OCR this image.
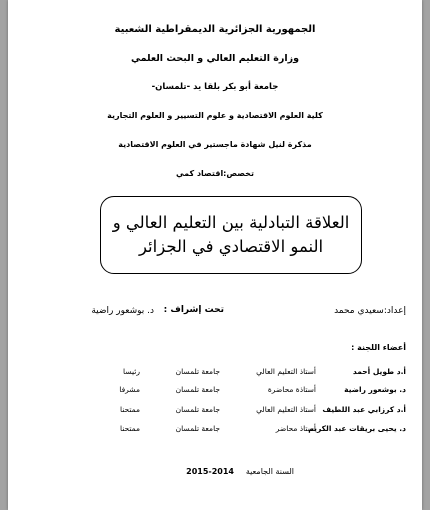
الجمهورية الجزائرية الديمقراطية الشعبية
وزارة التعليم العالي و البحث العلمي
جامعة أبو بكر بلقا يد -تلمسان-
كلية العلوم الاقتصادية و علوم التسيير و العلوم التجارية
مذكرة لنيل شهادة ماجستير في العلوم الاقتصادية
تخصص:اقتصاد كمي
العلاقة التبادلية بين التعليم العالي و
النمو الاقتصادي في الجزائر
إعداد:سعيدي محمد
تحت إشراف :
د. بوشعور راضية
أعضاء اللجنة :
أ.د طويل أحمد
أستاذ التعليم العالي
جامعة تلمسان
رئيسا
د. بوشعور راضية
أستاذة محاضرة
جامعة تلمسان
مشرفا
أ.د كرزابي عبد اللطيف
أستاذ التعليم العالي
جامعة تلمسان
ممتحنا
د. يحيى بريقات عبد الكريم
أستاذ محاضر
جامعة تلمسان
ممتحنا
السنة الجامعية
2015-2014
